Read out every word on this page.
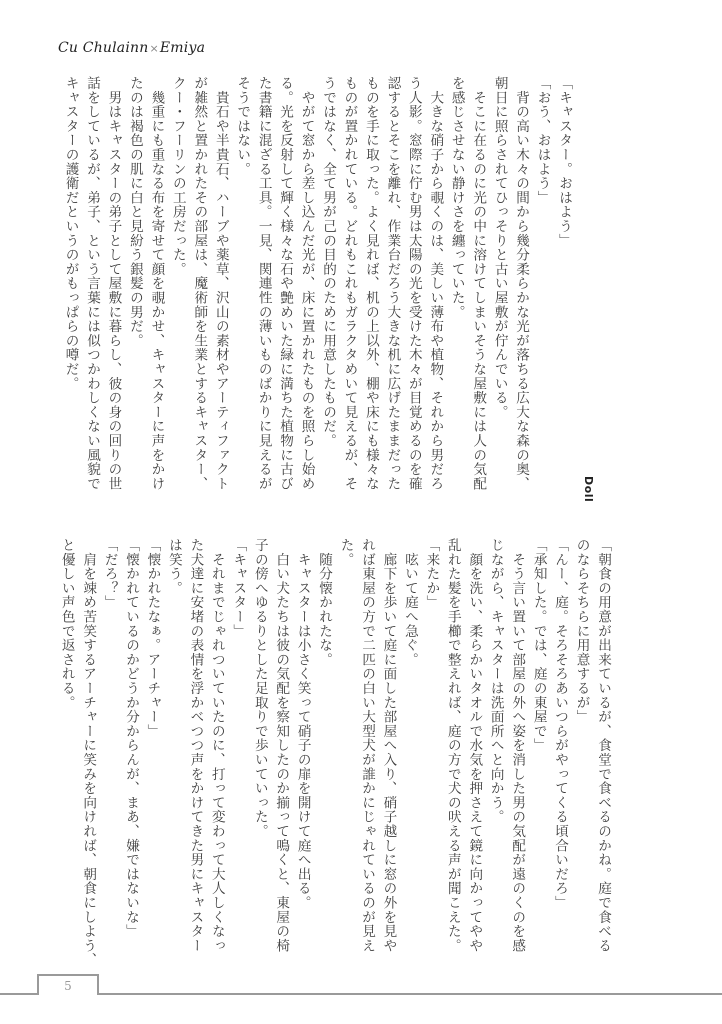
Cu Chulainn×Emiya
「キャスター。おはよう」
「おう、おはよう」
　背の高い木々の間から幾分柔らかな光が落ちる広大な森の奥、
朝日に照らされてひっそりと古い屋敷が佇んでいる。
　そこに在るのに光の中に溶けてしまいそうな屋敷には人の気配
を感じさせない静けさを纏っていた。
　大きな硝子から覗くのは、美しい薄布や植物、それから男だろ
う人影。窓際に佇む男は太陽の光を受けた木々が目覚めるのを確
認するとそこを離れ、作業台だろう大きな机に広げたままだった
ものを手に取った。よく見れば、机の上以外、棚や床にも様々な
ものが置かれている。どれもこれもガラクタめいて見えるが、そ
うではなく、全て男が己の目的のために用意したものだ。
　やがて窓から差し込んだ光が、床に置かれたものを照らし始め
る。光を反射して輝く様々な石や艶めいた緑に満ちた植物に古び
た書籍に混ざる工具。一見、関連性の薄いものばかりに見えるが
そうではない。
　貴石や半貴石、ハーブや薬草、沢山の素材やアーティファクト
が雑然と置かれたその部屋は、魔術師を生業とするキャスター、
クー・フーリンの工房だった。
　幾重にも重なる布を寄せて顔を覗かせ、キャスターに声をかけ
たのは褐色の肌に白と見紛う銀髪の男だ。
　男はキャスターの弟子として屋敷に暮らし、彼の身の回りの世
話をしているが、弟子、という言葉には似つかわしくない風貌で
キャスターの護衛だというのがもっぱらの噂だ。
Doll
「朝食の用意が出来ているが、食堂で食べるのかね。庭で食べる
のならそちらに用意するが」
「んー、庭。そろそろあいつらがやってくる頃合いだろ」
「承知した。では、庭の東屋で」
　そう言い置いて部屋の外へ姿を消した男の気配が遠のくのを感
じながら、キャスターは洗面所へと向かう。
　顔を洗い、柔らかいタオルで水気を押さえて鏡に向かってやや
乱れた髪を手櫛で整えれば、庭の方で犬の吠える声が聞こえた。
「来たか」
　呟いて庭へ急ぐ。
　廊下を歩いて庭に面した部屋へ入り、硝子越しに窓の外を見や
れば東屋の方で二匹の白い大型犬が誰かにじゃれているのが見え
た。
　随分懐かれたな。
　キャスターは小さく笑って硝子の扉を開けて庭へ出る。
　白い犬たちは彼の気配を察知したのか揃って鳴くと、東屋の椅
子の傍へゆるりとした足取りで歩いていった。
「キャスター」
　それまでじゃれついていたのに、打って変わって大人しくなっ
た犬達に安堵の表情を浮かべつつ声をかけてきた男にキャスター
は笑う。
「懐かれたなぁ。アーチャー」
「懐かれているのかどうか分からんが、まあ、嫌ではないな」
「だろ？」
　肩を竦め苦笑するアーチャーに笑みを向ければ、朝食にしよう、
と優しい声色で返される。
5
